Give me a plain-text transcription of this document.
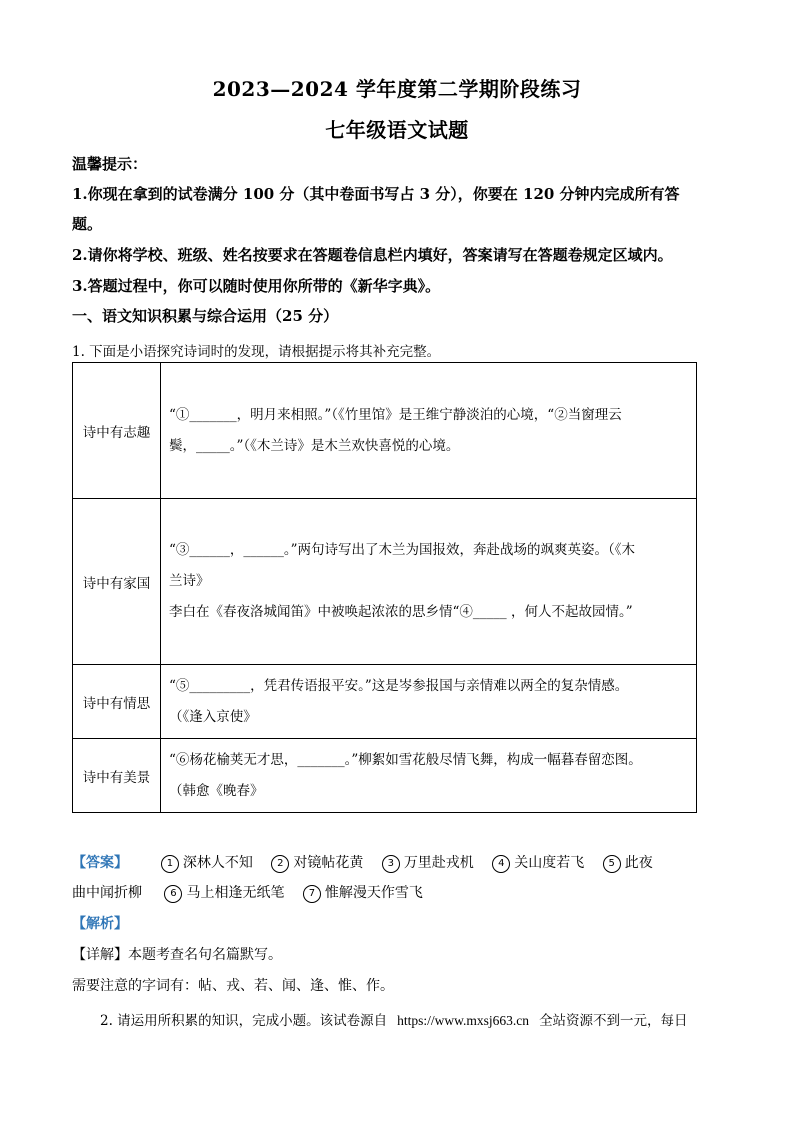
2023—2024 学年度第二学期阶段练习
七年级语文试题
温馨提示：
1.你现在拿到的试卷满分 100 分（其中卷面书写占 3 分），你要在 120 分钟内完成所有答
题。
2.请你将学校、班级、姓名按要求在答题卷信息栏内填好，答案请写在答题卷规定区域内。
3.答题过程中，你可以随时使用你所带的《新华字典》。
一、语文知识积累与综合运用（25 分）
1. 下面是小语探究诗词时的发现，请根据提示将其补充完整。
诗中有志趣	“①_______，明月来相照。”（《竹里馆》是王维宁静淡泊的心境，“②当窗理云
鬓，_____。”（《木兰诗》是木兰欢快喜悦的心境。

诗中有家国	“③______，______。”两句诗写出了木兰为国报效，奔赴战场的飒爽英姿。（《木
兰诗》
李白在《春夜洛城闻笛》中被唤起浓浓的思乡情“④_____ ，何人不起故园情。”

诗中有情思	“⑤_________，凭君传语报平安。”这是岑参报国与亲情难以两全的复杂情感。
（《逢入京使》

诗中有美景	“⑥杨花榆荚无才思，_______。”柳絮如雪花般尽情飞舞，构成一幅暮春留恋图。
（韩愈《晚春》
【答案】	1 深林人不知 2 对镜帖花黄 3 万里赴戎机 4 关山度若飞 5 此夜
曲中闻折柳	6 马上相逢无纸笔 7 惟解漫天作雪飞
【解析】
【详解】本题考查名句名篇默写。
需要注意的字词有：帖、戎、若、闻、逢、惟、作。
2. 请运用所积累的知识，完成小题。该试卷源自 https://www.mxsj663.cn 全站资源不到一元，每日
